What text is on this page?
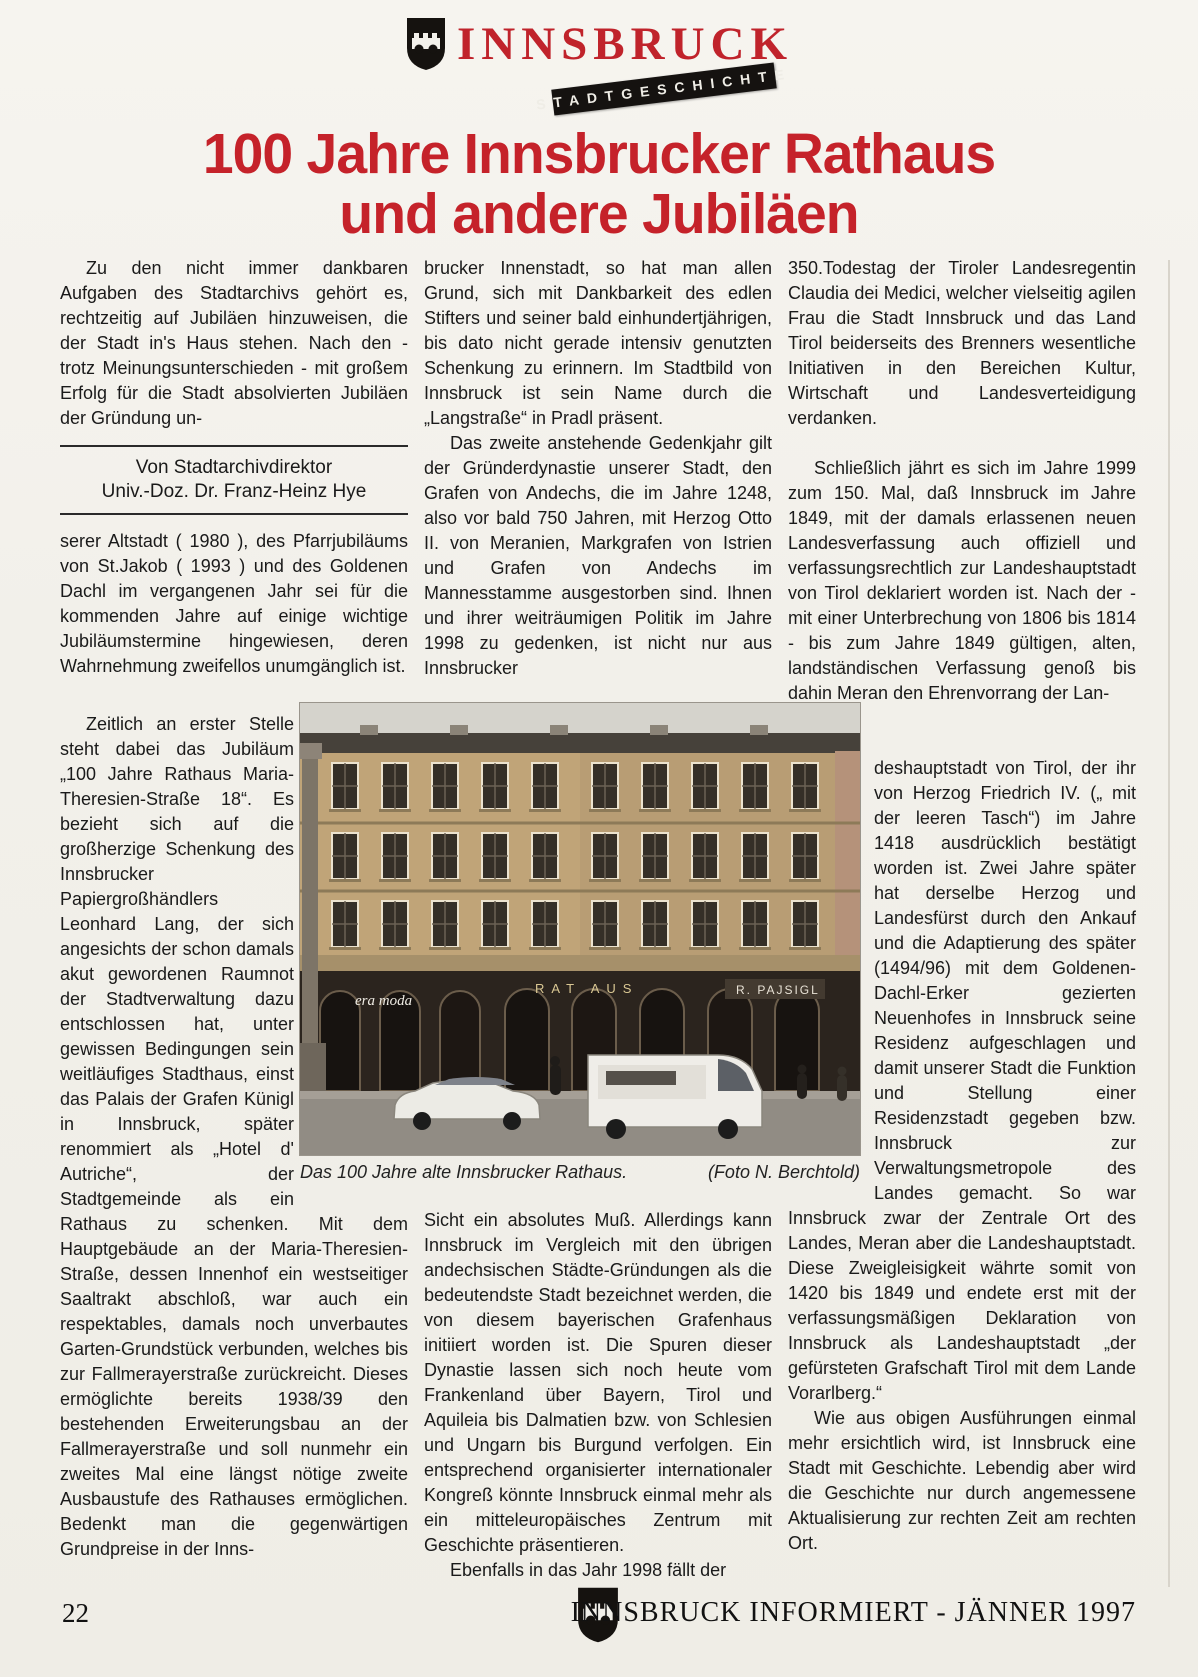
INNSBRUCK
STADTGESCHICHTE
100 Jahre Innsbrucker Rathaus
und andere Jubiläen

Zu den nicht immer dankbaren Aufgaben des Stadtarchivs gehört es, rechtzeitig auf Jubiläen hinzuweisen, die der Stadt in's Haus stehen. Nach den - trotz Meinungsunterschieden - mit großem Erfolg für die Stadt absolvierten Jubiläen der Gründung un-

Von Stadtarchivdirektor
Univ.-Doz. Dr. Franz-Heinz Hye

serer Altstadt ( 1980 ), des Pfarrjubiläums von St.Jakob ( 1993 ) und des Goldenen Dachl im vergangenen Jahr sei für die kommenden Jahre auf einige wichtige Jubiläumstermine hingewiesen, deren Wahrnehmung zweifellos unumgänglich ist.

Zeitlich an erster Stelle steht dabei das Jubiläum „100 Jahre Rathaus Maria-Theresien-Straße 18“. Es bezieht sich auf die großherzige Schenkung des Innsbrucker Papiergroßhändlers Leonhard Lang, der sich angesichts der schon damals akut gewordenen Raumnot der Stadtverwaltung dazu entschlossen hat, unter gewissen Bedingungen sein weitläufiges Stadthaus, einst das Palais der Grafen Künigl in Innsbruck, später renommiert als „Hotel d' Autriche“, der Stadtgemeinde als ein Rathaus zu schenken. Mit dem Hauptgebäude an der Maria-Theresien-Straße, dessen Innenhof ein westseitiger Saaltrakt abschloß, war auch ein respektables, damals noch unverbautes Garten-Grundstück verbunden, welches bis zur Fallmerayerstraße zurückreicht. Dieses ermöglichte bereits 1938/39 den bestehenden Erweiterungsbau an der Fallmerayerstraße und soll nunmehr ein zweites Mal eine längst nötige zweite Ausbaustufe des Rathauses ermöglichen. Bedenkt man die gegenwärtigen Grundpreise in der Inns-

brucker Innenstadt, so hat man allen Grund, sich mit Dankbarkeit des edlen Stifters und seiner bald einhundertjährigen, bis dato nicht gerade intensiv genutzten Schenkung zu erinnern. Im Stadtbild von Innsbruck ist sein Name durch die „Langstraße“ in Pradl präsent.

Das zweite anstehende Gedenkjahr gilt der Gründerdynastie unserer Stadt, den Grafen von Andechs, die im Jahre 1248, also vor bald 750 Jahren, mit Herzog Otto II. von Meranien, Markgrafen von Istrien und Grafen von Andechs im Mannesstamme ausgestorben sind. Ihnen und ihrer weiträumigen Politik im Jahre 1998 zu gedenken, ist nicht nur aus Innsbrucker

Sicht ein absolutes Muß. Allerdings kann Innsbruck im Vergleich mit den übrigen andechsischen Städte-Gründungen als die bedeutendste Stadt bezeichnet werden, die von diesem bayerischen Grafenhaus initiiert worden ist. Die Spuren dieser Dynastie lassen sich noch heute vom Frankenland über Bayern, Tirol und Aquileia bis Dalmatien bzw. von Schlesien und Ungarn bis Burgund verfolgen. Ein entsprechend organisierter internationaler Kongreß könnte Innsbruck einmal mehr als ein mitteleuropäisches Zentrum mit Geschichte präsentieren.

Ebenfalls in das Jahr 1998 fällt der

350.Todestag der Tiroler Landesregentin Claudia dei Medici, welcher vielseitig agilen Frau die Stadt Innsbruck und das Land Tirol beiderseits des Brenners wesentliche Initiativen in den Bereichen Kultur, Wirtschaft und Landesverteidigung verdanken.

Schließlich jährt es sich im Jahre 1999 zum 150. Mal, daß Innsbruck im Jahre 1849, mit der damals erlassenen neuen Landesverfassung auch offiziell und verfassungsrechtlich zur Landeshauptstadt von Tirol deklariert worden ist. Nach der - mit einer Unterbrechung von 1806 bis 1814 - bis zum Jahre 1849 gültigen, alten, landständischen Verfassung genoß bis dahin Meran den Ehrenvorrang der Lan-

deshauptstadt von Tirol, der ihr von Herzog Friedrich IV. („ mit der leeren Tasch“) im Jahre 1418 ausdrücklich bestätigt worden ist. Zwei Jahre später hat derselbe Herzog und Landesfürst durch den Ankauf und die Adaptierung des später (1494/96) mit dem Goldenen-Dachl-Erker gezierten Neuenhofes in Innsbruck seine Residenz aufgeschlagen und damit unserer Stadt die Funktion und Stellung einer Residenzstadt gegeben bzw. Innsbruck zur Verwaltungsmetropole des Landes gemacht. So war Innsbruck zwar der Zentrale Ort des Landes, Meran aber die Landeshauptstadt. Diese Zweigleisigkeit währte somit von 1420 bis 1849 und endete erst mit der verfassungsmäßigen Deklaration von Innsbruck als Landeshauptstadt „der gefürsteten Grafschaft Tirol mit dem Lande Vorarlberg.“

Wie aus obigen Ausführungen einmal mehr ersichtlich wird, ist Innsbruck eine Stadt mit Geschichte. Lebendig aber wird die Geschichte nur durch angemessene Aktualisierung zur rechten Zeit am rechten Ort.

era moda
RAT AUS	R. PAJSIGL
Das 100 Jahre alte Innsbrucker Rathaus.	(Foto N. Berchtold)
22	INNSBRUCK INFORMIERT - JÄNNER 1997
